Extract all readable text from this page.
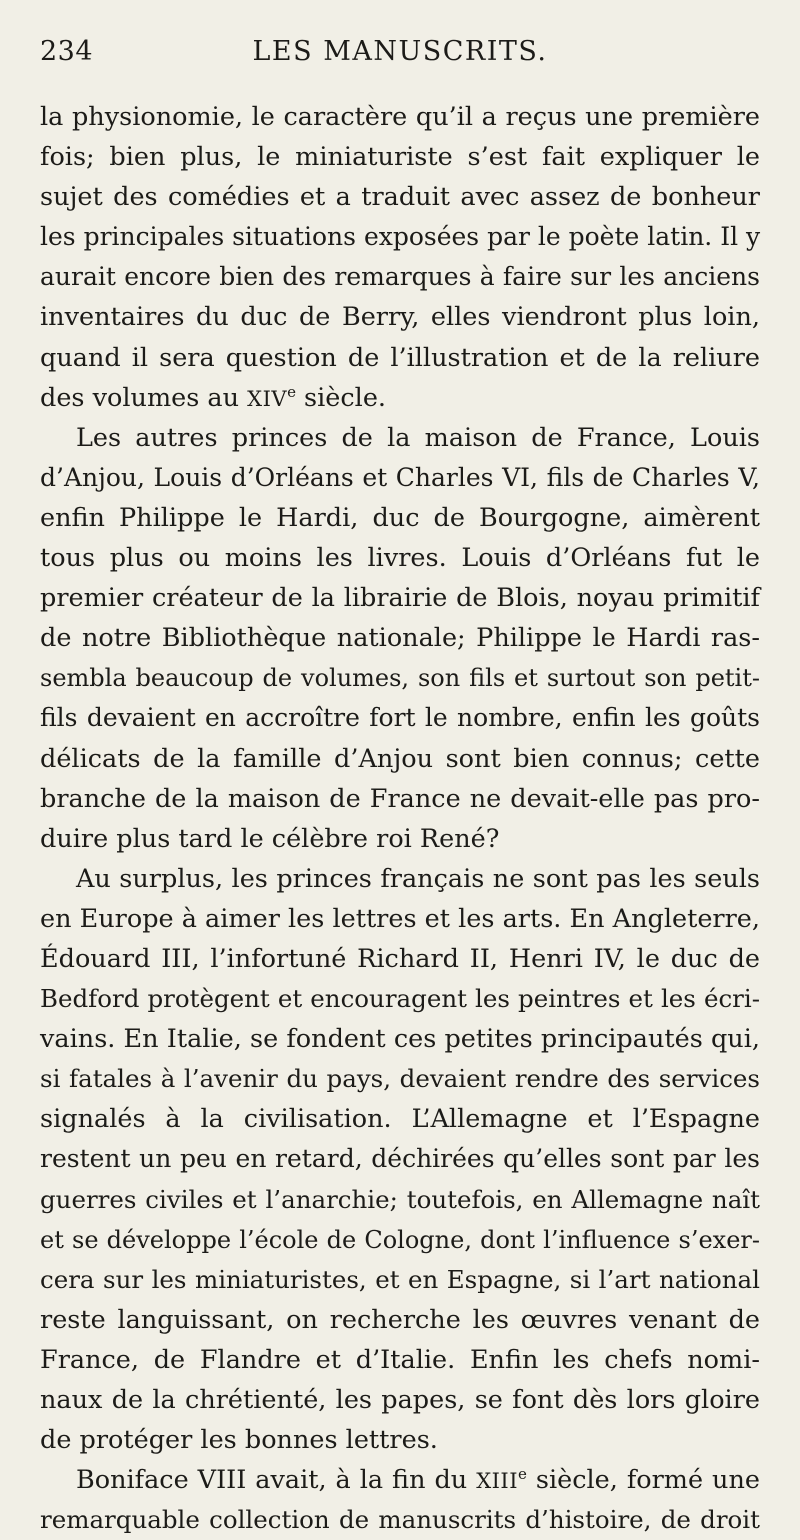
234	LES MANUSCRITS.
la physionomie, le caractère qu’il a reçus une première
fois; bien plus, le miniaturiste s’est fait expliquer le
sujet des comédies et a traduit avec assez de bonheur
les principales situations exposées par le poète latin. Il y
aurait encore bien des remarques à faire sur les anciens
inventaires du duc de Berry, elles viendront plus loin,
quand il sera question de l’illustration et de la reliure
des volumes au XIVe siècle.
Les autres princes de la maison de France, Louis
d’Anjou, Louis d’Orléans et Charles VI, fils de Charles V,
enfin Philippe le Hardi, duc de Bourgogne, aimèrent
tous plus ou moins les livres. Louis d’Orléans fut le
premier créateur de la librairie de Blois, noyau primitif
de notre Bibliothèque nationale; Philippe le Hardi ras-
sembla beaucoup de volumes, son fils et surtout son petit-
fils devaient en accroître fort le nombre, enfin les goûts
délicats de la famille d’Anjou sont bien connus; cette
branche de la maison de France ne devait-elle pas pro-
duire plus tard le célèbre roi René?
Au surplus, les princes français ne sont pas les seuls
en Europe à aimer les lettres et les arts. En Angleterre,
Édouard III, l’infortuné Richard II, Henri IV, le duc de
Bedford protègent et encouragent les peintres et les écri-
vains. En Italie, se fondent ces petites principautés qui,
si fatales à l’avenir du pays, devaient rendre des services
signalés à la civilisation. L’Allemagne et l’Espagne
restent un peu en retard, déchirées qu’elles sont par les
guerres civiles et l’anarchie; toutefois, en Allemagne naît
et se développe l’école de Cologne, dont l’influence s’exer-
cera sur les miniaturistes, et en Espagne, si l’art national
reste languissant, on recherche les œuvres venant de
France, de Flandre et d’Italie. Enfin les chefs nomi-
naux de la chrétienté, les papes, se font dès lors gloire
de protéger les bonnes lettres.
Boniface VIII avait, à la fin du XIIIe siècle, formé une
remarquable collection de manuscrits d’histoire, de droit
